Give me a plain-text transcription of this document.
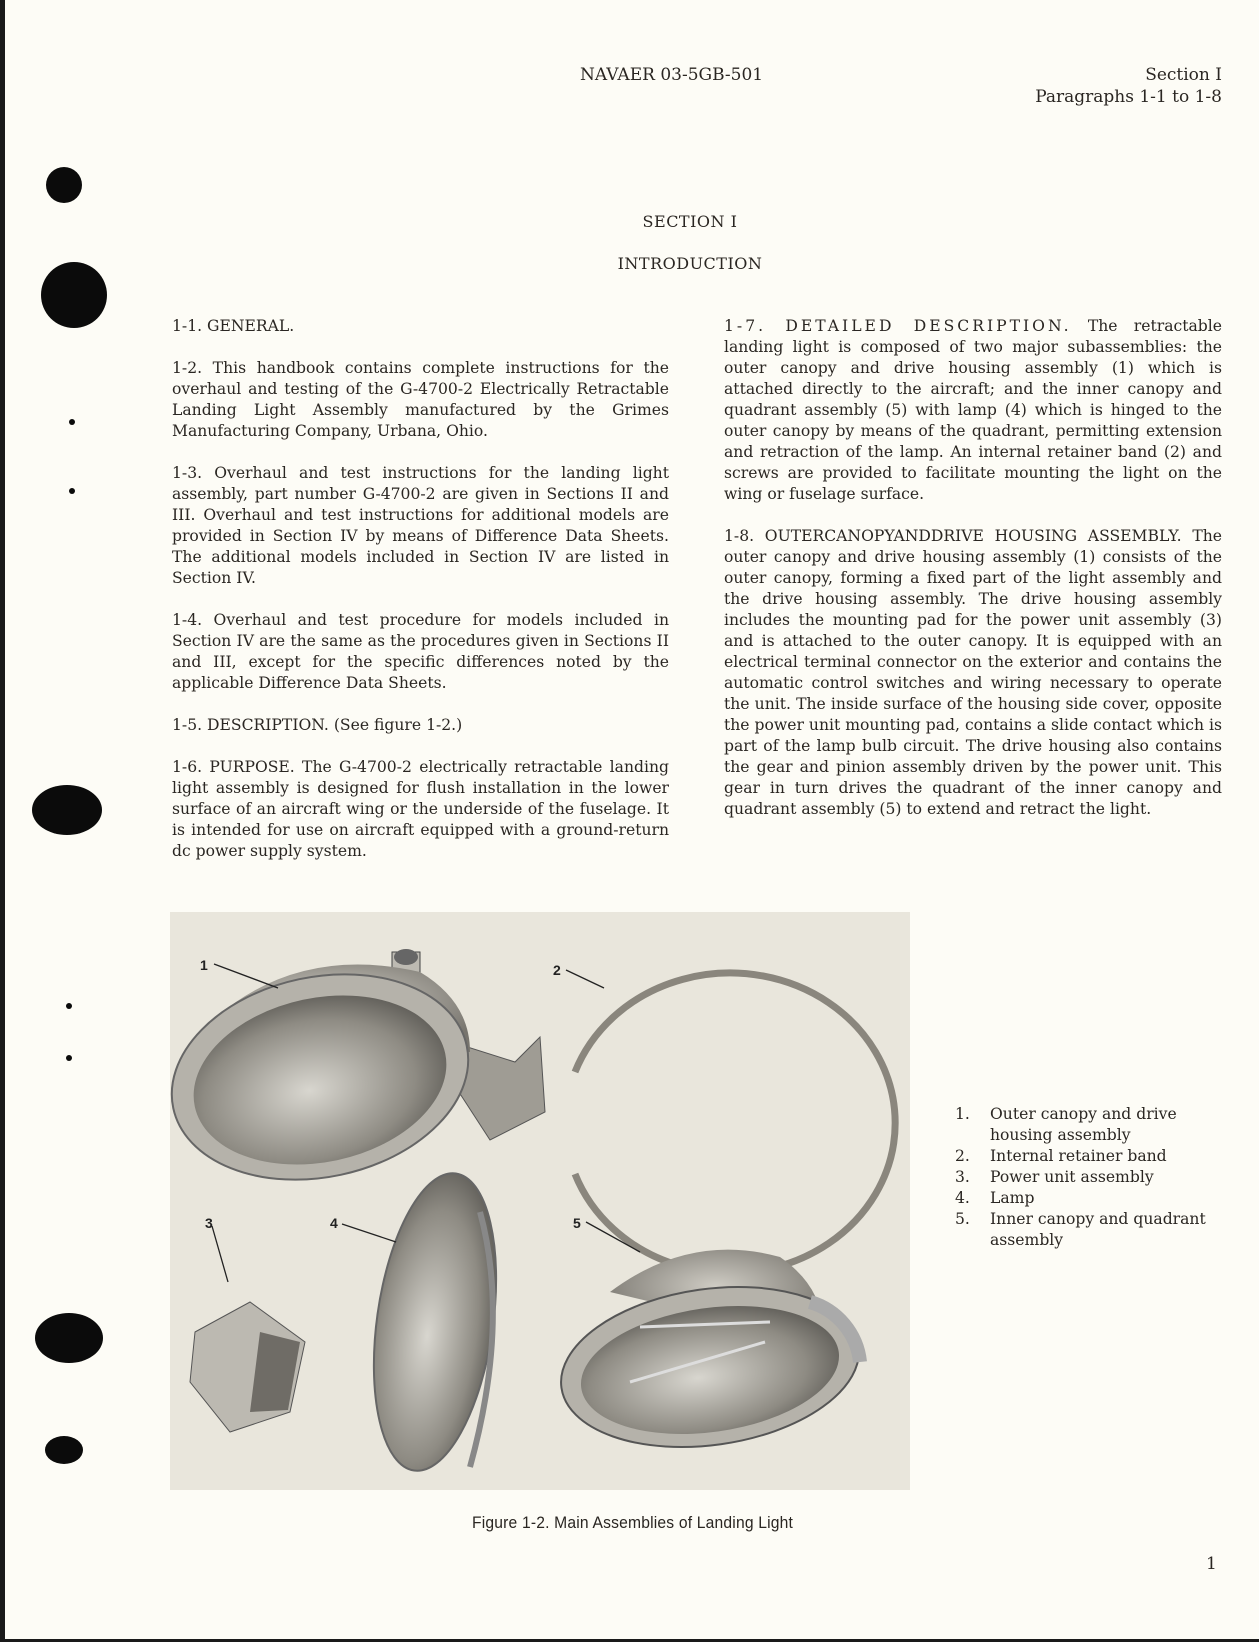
NAVAER 03-5GB-501	Section I
Paragraphs 1-1 to 1-8
SECTION I
INTRODUCTION

1-1. GENERAL.

1-2. This handbook contains complete instructions for the overhaul and testing of the G-4700-2 Electrically Retractable Landing Light Assembly manufactured by the Grimes Manufacturing Company, Urbana, Ohio.

1-3. Overhaul and test instructions for the landing light assembly, part number G-4700-2 are given in Sections II and III. Overhaul and test instructions for additional models are provided in Section IV by means of Difference Data Sheets. The additional models included in Section IV are listed in Section IV.

1-4. Overhaul and test procedure for models included in Section IV are the same as the procedures given in Sections II and III, except for the specific differences noted by the applicable Difference Data Sheets.

1-5. DESCRIPTION. (See figure 1-2.)

1-6. PURPOSE. The G-4700-2 electrically retractable landing light assembly is designed for flush installation in the lower surface of an aircraft wing or the underside of the fuselage. It is intended for use on aircraft equipped with a ground-return dc power supply system.

1-7. DETAILED DESCRIPTION. The retractable landing light is composed of two major subassemblies: the outer canopy and drive housing assembly (1) which is attached directly to the aircraft; and the inner canopy and quadrant assembly (5) with lamp (4) which is hinged to the outer canopy by means of the quadrant, permitting extension and retraction of the lamp. An internal retainer band (2) and screws are provided to facilitate mounting the light on the wing or fuselage surface.

1-8. OUTERCANOPYANDDRIVE HOUSING ASSEMBLY. The outer canopy and drive housing assembly (1) consists of the outer canopy, forming a fixed part of the light assembly and the drive housing assembly. The drive housing assembly includes the mounting pad for the power unit assembly (3) and is attached to the outer canopy. It is equipped with an electrical terminal connector on the exterior and contains the automatic control switches and wiring necessary to operate the unit. The inside surface of the housing side cover, opposite the power unit mounting pad, contains a slide contact which is part of the lamp bulb circuit. The drive housing also contains the gear and pinion assembly driven by the power unit. This gear in turn drives the quadrant of the inner canopy and quadrant assembly (5) to extend and retract the light.

1	2
3	4	5
1.	Outer canopy and drive housing assembly
2.	Internal retainer band
3.	Power unit assembly
4.	Lamp
5.	Inner canopy and quadrant assembly
Figure 1-2. Main Assemblies of Landing Light
1
